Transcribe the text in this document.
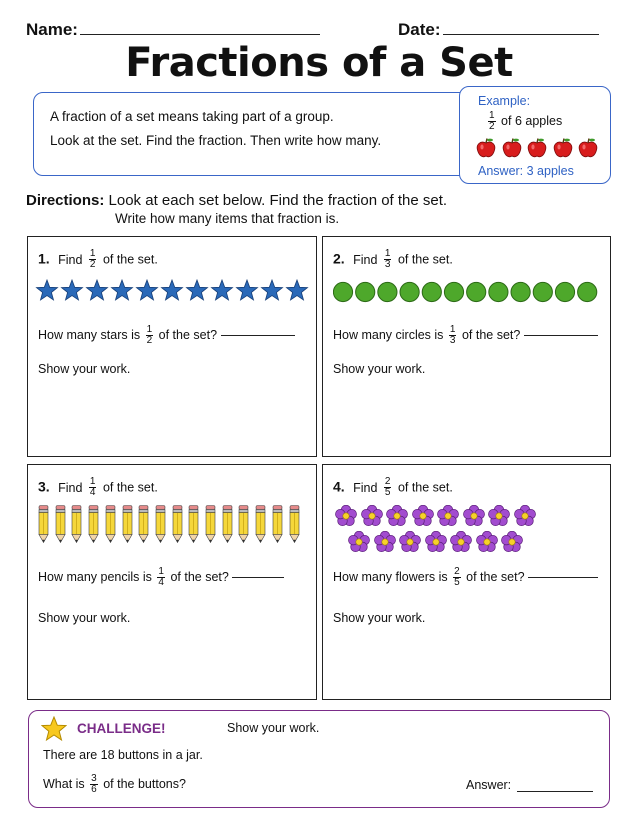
Name:	Date:
Fractions of a Set

A fraction of a set means taking part of a group.

Look at the set. Find the fraction. Then write how many.

Example:
$\frac{1}{2}$ of 6 apples
Answer: 3 apples
Directions: Look at each set below. Find the fraction of the set.
Write how many items that fraction is.
1. Find $\frac{1}{2}$ of the set.
How many stars is $\frac{1}{2}$ of the set?
Show your work.
2. Find $\frac{1}{3}$ of the set.
How many circles is $\frac{1}{3}$ of the set?
Show your work.
3. Find $\frac{1}{4}$ of the set.
How many pencils is $\frac{1}{4}$ of the set?
Show your work.
4. Find $\frac{2}{5}$ of the set.
How many flowers is $\frac{2}{5}$ of the set?
Show your work.
CHALLENGE!	Show your work.
There are 18 buttons in a jar.
What is $\frac{3}{6}$ of the buttons?	Answer:
